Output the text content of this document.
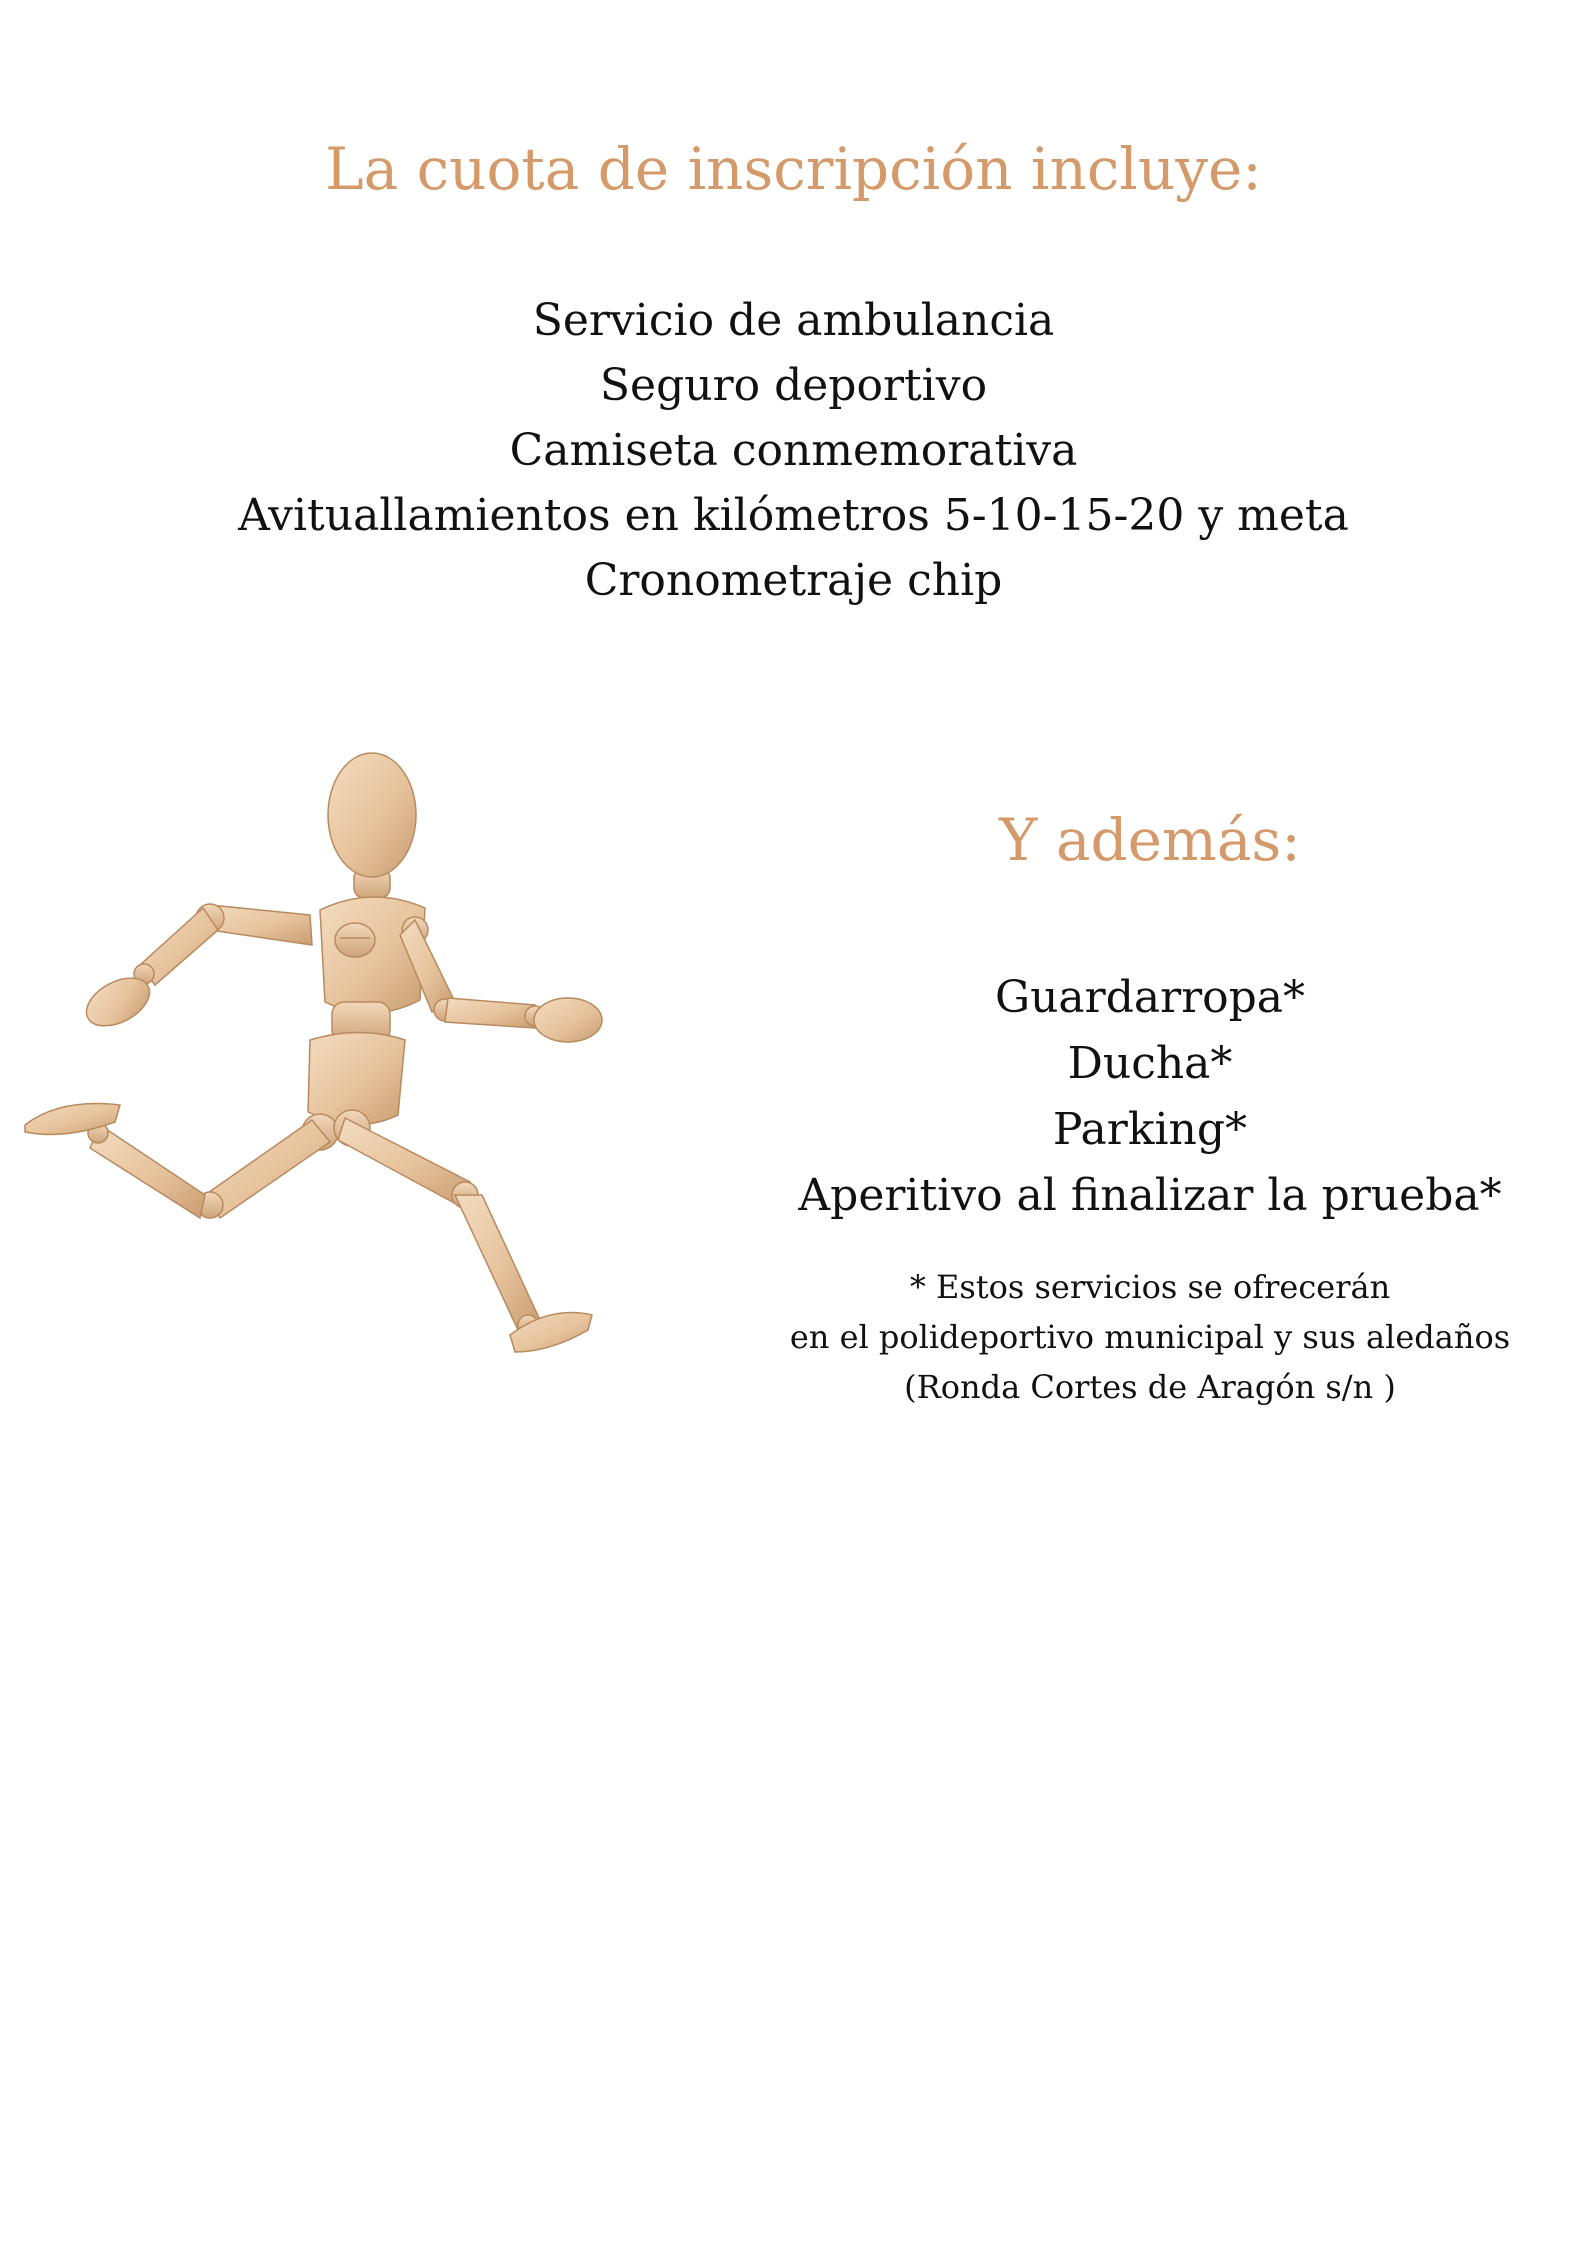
La cuota de inscripción incluye:
Servicio de ambulancia
Seguro deportivo
Camiseta conmemorativa
Avituallamientos en kilómetros 5-10-15-20 y meta
Cronometraje chip
Y además:
Guardarropa*
Ducha*
Parking*
Aperitivo al finalizar la prueba*
* Estos servicios se ofrecerán
en el polideportivo municipal y sus aledaños
(Ronda Cortes de Aragón s/n )
